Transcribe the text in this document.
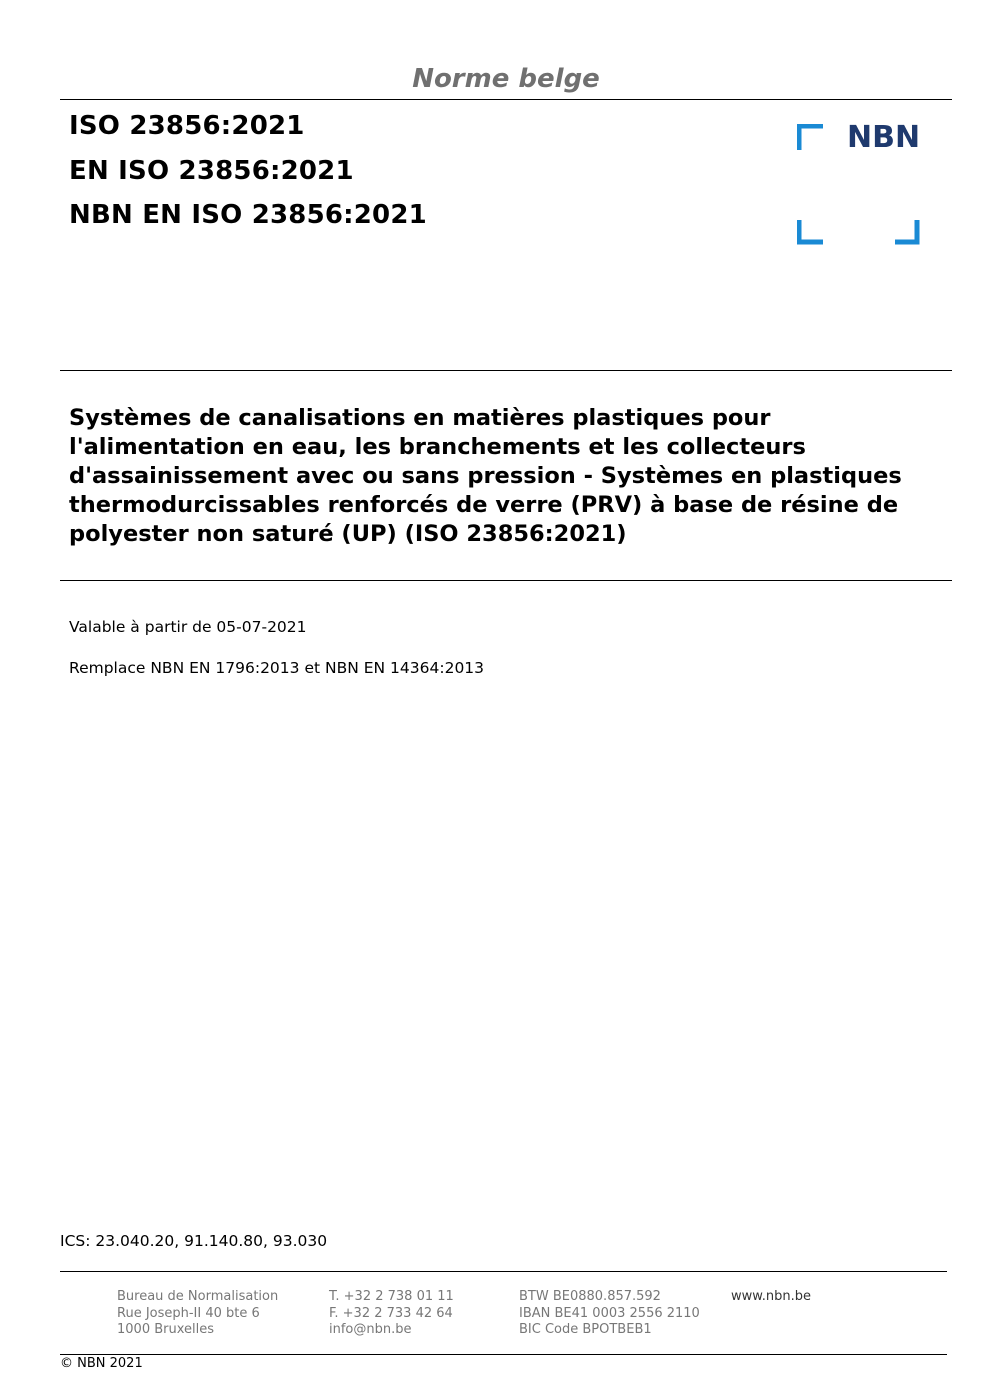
Norme belge
ISO 23856:2021
EN ISO 23856:2021
NBN EN ISO 23856:2021
NBN
Systèmes de canalisations en matières plastiques pour l'alimentation en eau, les branchements et les collecteurs d'assainissement avec ou sans pression - Systèmes en plastiques thermodurcissables renforcés de verre (PRV) à base de résine de polyester non saturé (UP) (ISO 23856:2021)
Valable à partir de 05-07-2021
Remplace NBN EN 1796:2013 et NBN EN 14364:2013
ICS: 23.040.20, 91.140.80, 93.030
Bureau de Normalisation
Rue Joseph-II 40 bte 6
1000 Bruxelles
T. +32 2 738 01 11
F. +32 2 733 42 64
info@nbn.be
BTW BE0880.857.592
IBAN BE41 0003 2556 2110
BIC Code BPOTBEB1
www.nbn.be
© NBN 2021
